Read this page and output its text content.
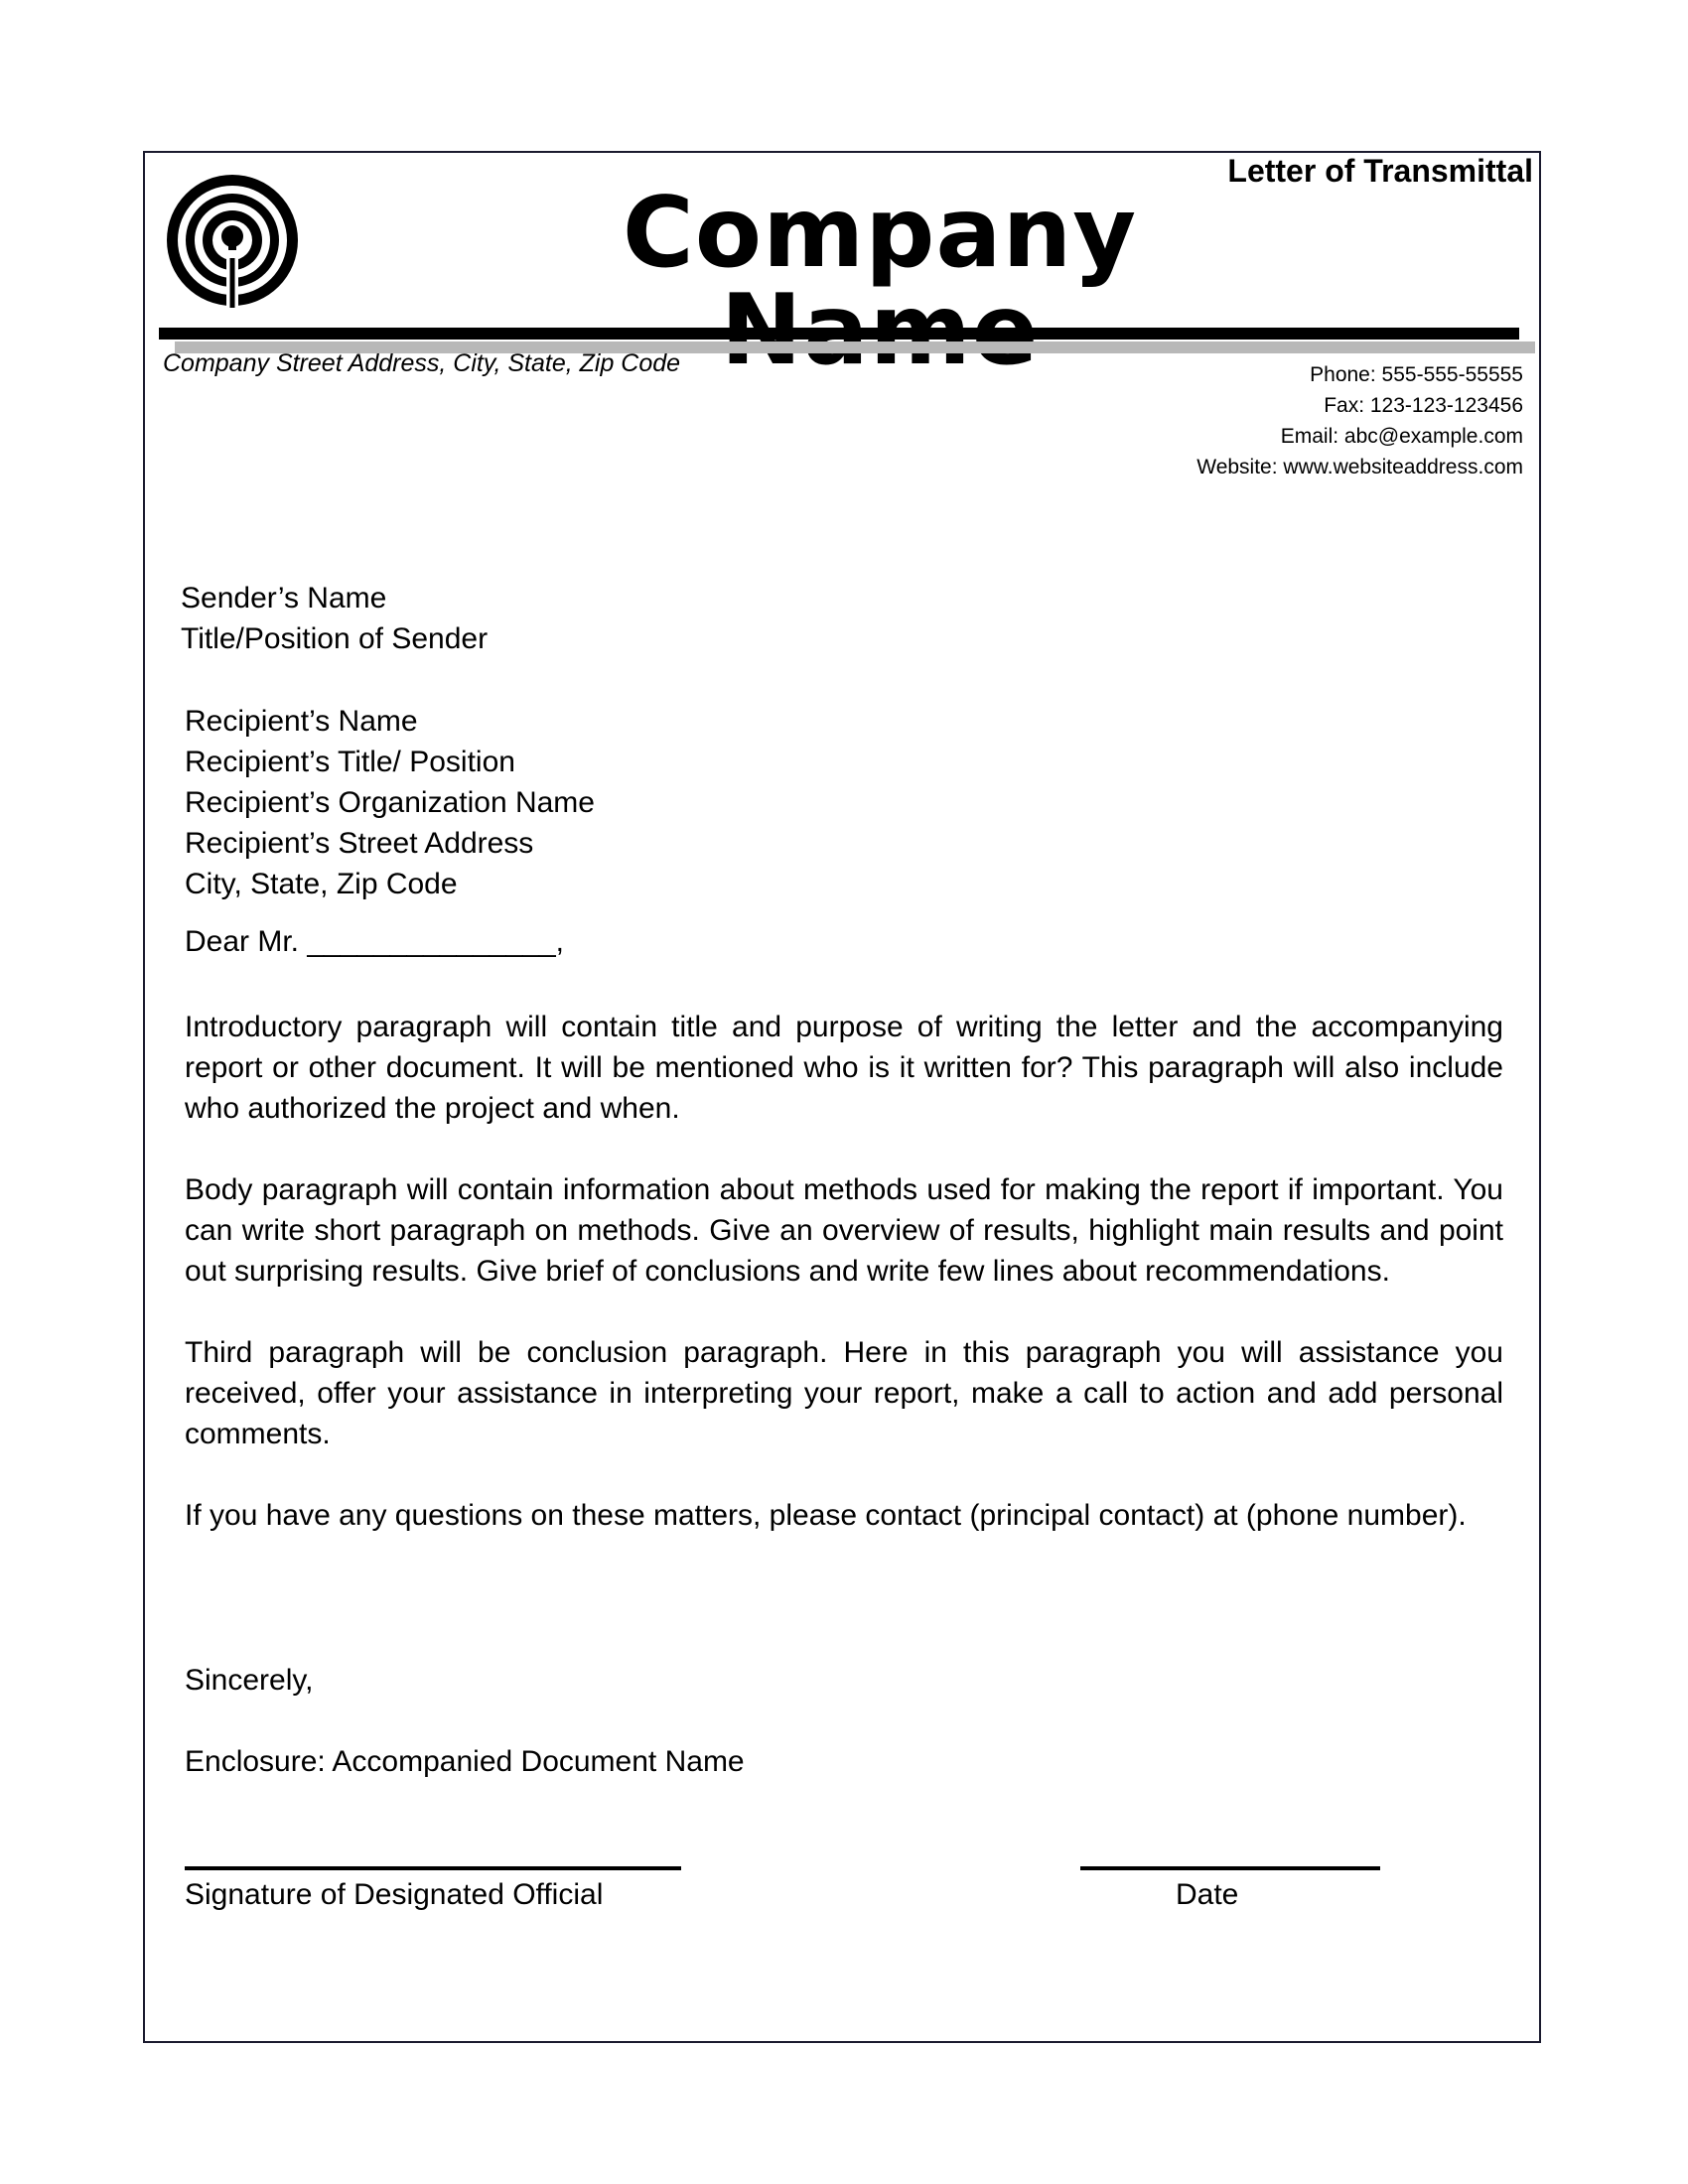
Letter of Transmittal
Company
Company Street Address, City, State, Zip Code	Phone: 555-555-55555
Fax: 123-123-123456
Email: abc@example.com
Website: www.websiteaddress.com
Sender’s Name
Title/Position of Sender
Recipient’s Name
Recipient’s Title/ Position
Recipient’s Organization Name
Recipient’s Street Address
City, State, Zip Code
Dear Mr. _______________,

Introductory paragraph will contain title and purpose of writing the letter and the accompanying report or other document. It will be mentioned who is it written for? This paragraph will also include who authorized the project and when.

Body paragraph will contain information about methods used for making the report if important. You can write short paragraph on methods. Give an overview of results, highlight main results and point out surprising results. Give brief of conclusions and write few lines about recommendations.

Third paragraph will be conclusion paragraph. Here in this paragraph you will assistance you received, offer your assistance in interpreting your report, make a call to action and add personal comments.

If you have any questions on these matters, please contact (principal contact) at (phone number).

Sincerely,
Enclosure: Accompanied Document Name
Signature of Designated Official	Date
